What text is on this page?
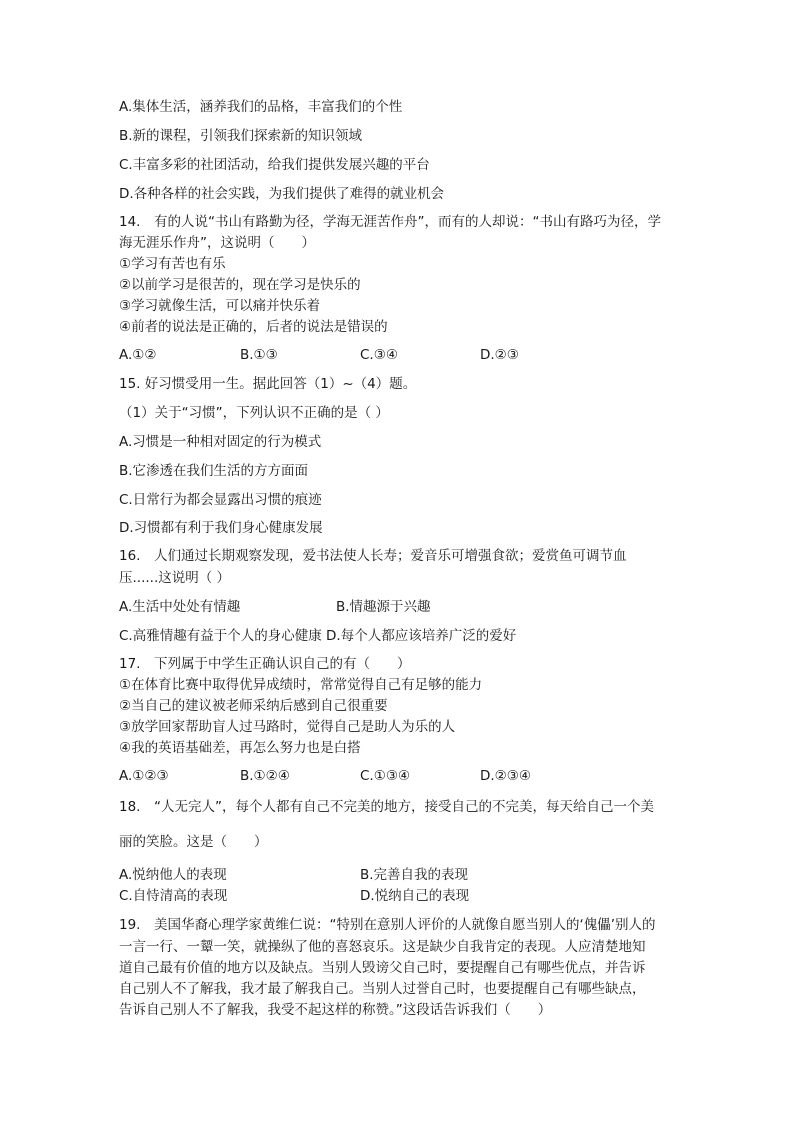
A.集体生活，涵养我们的品格，丰富我们的个性
B.新的课程，引领我们探索新的知识领域
C.丰富多彩的社团活动，给我们提供发展兴趣的平台
D.各种各样的社会实践，为我们提供了难得的就业机会
14.　有的人说“书山有路勤为径，学海无涯苦作舟”，而有的人却说：“书山有路巧为径，学
海无涯乐作舟”，这说明（　　）
①学习有苦也有乐
②以前学习是很苦的，现在学习是快乐的
③学习就像生活，可以痛并快乐着
④前者的说法是正确的，后者的说法是错误的
A.①②	B.①③	C.③④	D.②③
15. 好习惯受用一生。据此回答（1）~（4）题。
（1）关于“习惯”，下列认识不正确的是（ ）
A.习惯是一种相对固定的行为模式
B.它渗透在我们生活的方方面面
C.日常行为都会显露出习惯的痕迹
D.习惯都有利于我们身心健康发展
16.　人们通过长期观察发现，爱书法使人长寿；爱音乐可增强食欲；爱赏鱼可调节血
压......这说明（ ）
A.生活中处处有情趣	B.情趣源于兴趣
C.高雅情趣有益于个人的身心健康 D.每个人都应该培养广泛的爱好
17.　下列属于中学生正确认识自己的有（　　）
①在体育比赛中取得优异成绩时，常常觉得自己有足够的能力
②当自己的建议被老师采纳后感到自己很重要
③放学回家帮助盲人过马路时，觉得自己是助人为乐的人
④我的英语基础差，再怎么努力也是白搭
A.①②③	B.①②④	C.①③④	D.②③④
18.　“人无完人”，每个人都有自己不完美的地方，接受自己的不完美，每天给自己一个美
丽的笑脸。这是（　　）
A.悦纳他人的表现	B.完善自我的表现
C.自恃清高的表现	D.悦纳自己的表现
19.　美国华裔心理学家黄维仁说：“特别在意别人评价的人就像自愿当别人的‘傀儡’别人的
一言一行、一颦一笑，就操纵了他的喜怒哀乐。这是缺少自我肯定的表现。人应清楚地知
道自己最有价值的地方以及缺点。当别人毁谤父自己时，要提醒自己有哪些优点，并告诉
自己别人不了解我，我才最了解我自己。当别人过誉自己时，也要提醒自己有哪些缺点，
告诉自己别人不了解我，我受不起这样的称赞。”这段话告诉我们（　　）
